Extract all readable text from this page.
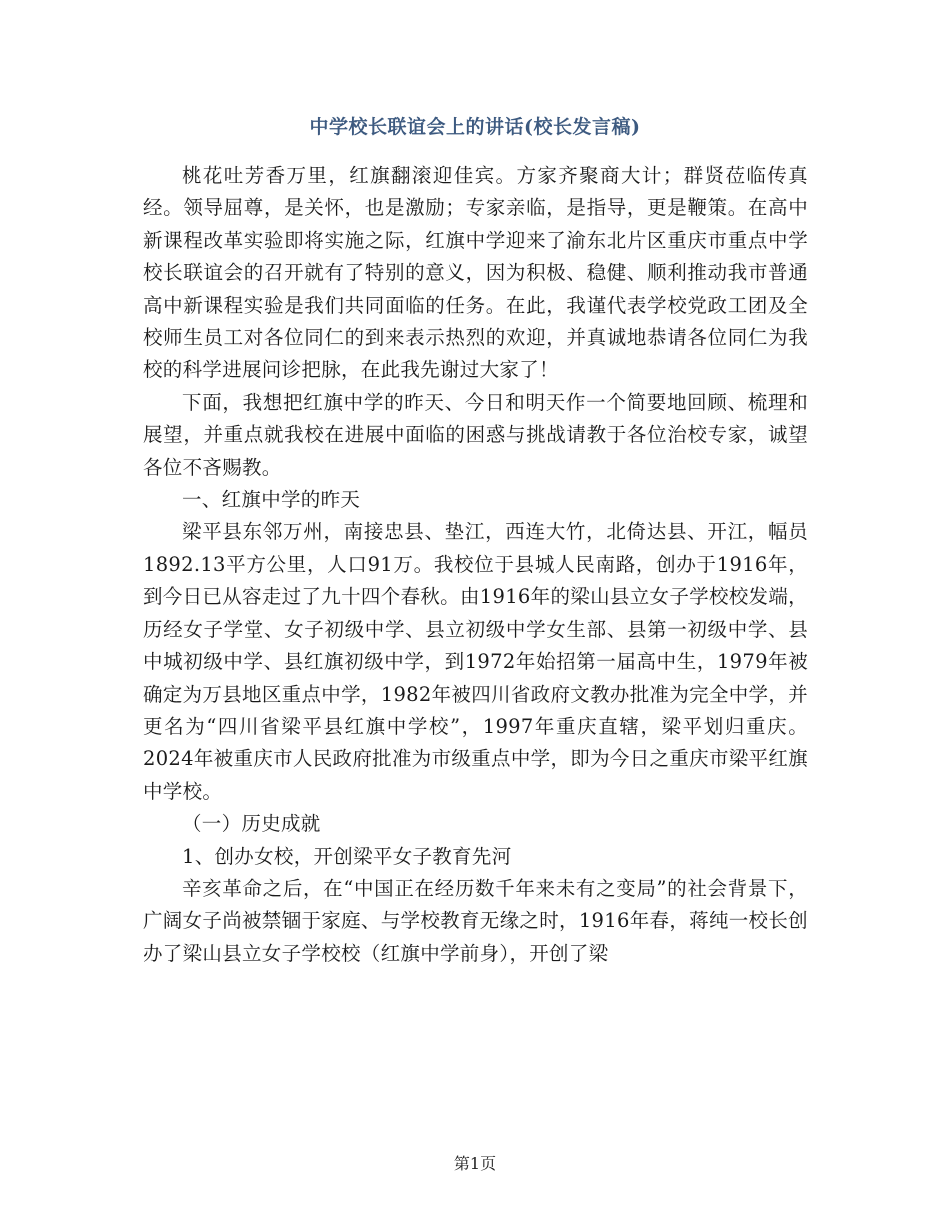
中学校长联谊会上的讲话(校长发言稿)

桃花吐芳香万里，红旗翻滚迎佳宾。方家齐聚商大计；群贤莅临传真经。领导屈尊，是关怀，也是激励；专家亲临，是指导，更是鞭策。在高中新课程改革实验即将实施之际，红旗中学迎来了渝东北片区重庆市重点中学校长联谊会的召开就有了特别的意义，因为积极、稳健、顺利推动我市普通高中新课程实验是我们共同面临的任务。在此，我谨代表学校党政工团及全校师生员工对各位同仁的到来表示热烈的欢迎，并真诚地恭请各位同仁为我校的科学进展问诊把脉，在此我先谢过大家了！

下面，我想把红旗中学的昨天、今日和明天作一个简要地回顾、梳理和展望，并重点就我校在进展中面临的困惑与挑战请教于各位治校专家，诚望各位不吝赐教。

一、红旗中学的昨天

梁平县东邻万州，南接忠县、垫江，西连大竹，北倚达县、开江，幅员1892.13平方公里，人口91万。我校位于县城人民南路，创办于1916年，到今日已从容走过了九十四个春秋。由1916年的梁山县立女子学校校发端，历经女子学堂、女子初级中学、县立初级中学女生部、县第一初级中学、县中城初级中学、县红旗初级中学，到1972年始招第一届高中生，1979年被确定为万县地区重点中学，1982年被四川省政府文教办批准为完全中学，并更名为“四川省梁平县红旗中学校”，1997年重庆直辖，梁平划归重庆。2024年被重庆市人民政府批准为市级重点中学，即为今日之重庆市梁平红旗中学校。

（一）历史成就

1、创办女校，开创梁平女子教育先河

辛亥革命之后，在“中国正在经历数千年来未有之变局”的社会背景下，广阔女子尚被禁锢于家庭、与学校教育无缘之时，1916年春，蒋纯一校长创办了梁山县立女子学校校（红旗中学前身），开创了梁

第1页
